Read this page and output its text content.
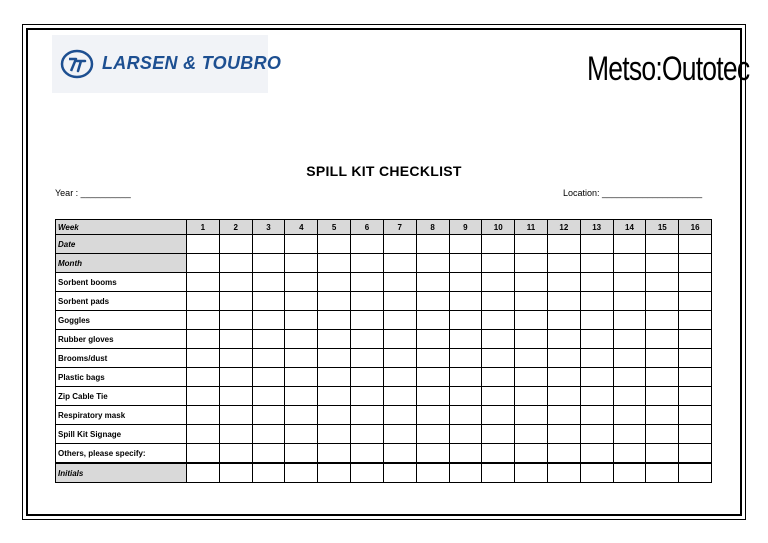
LARSEN & TOUBRO	Metso:Outotec
SPILL KIT CHECKLIST
Year : __________	Location: ____________________
Week	1	2	3	4	5	6	7	8	9	10	11	12	13	14	15	16
Date																
Month																
Sorbent booms																
Sorbent pads																
Goggles																
Rubber gloves																
Brooms/dust																
Plastic bags																
Zip Cable Tie																
Respiratory mask																
Spill Kit Signage																
Others, please specify:																
Initials																
